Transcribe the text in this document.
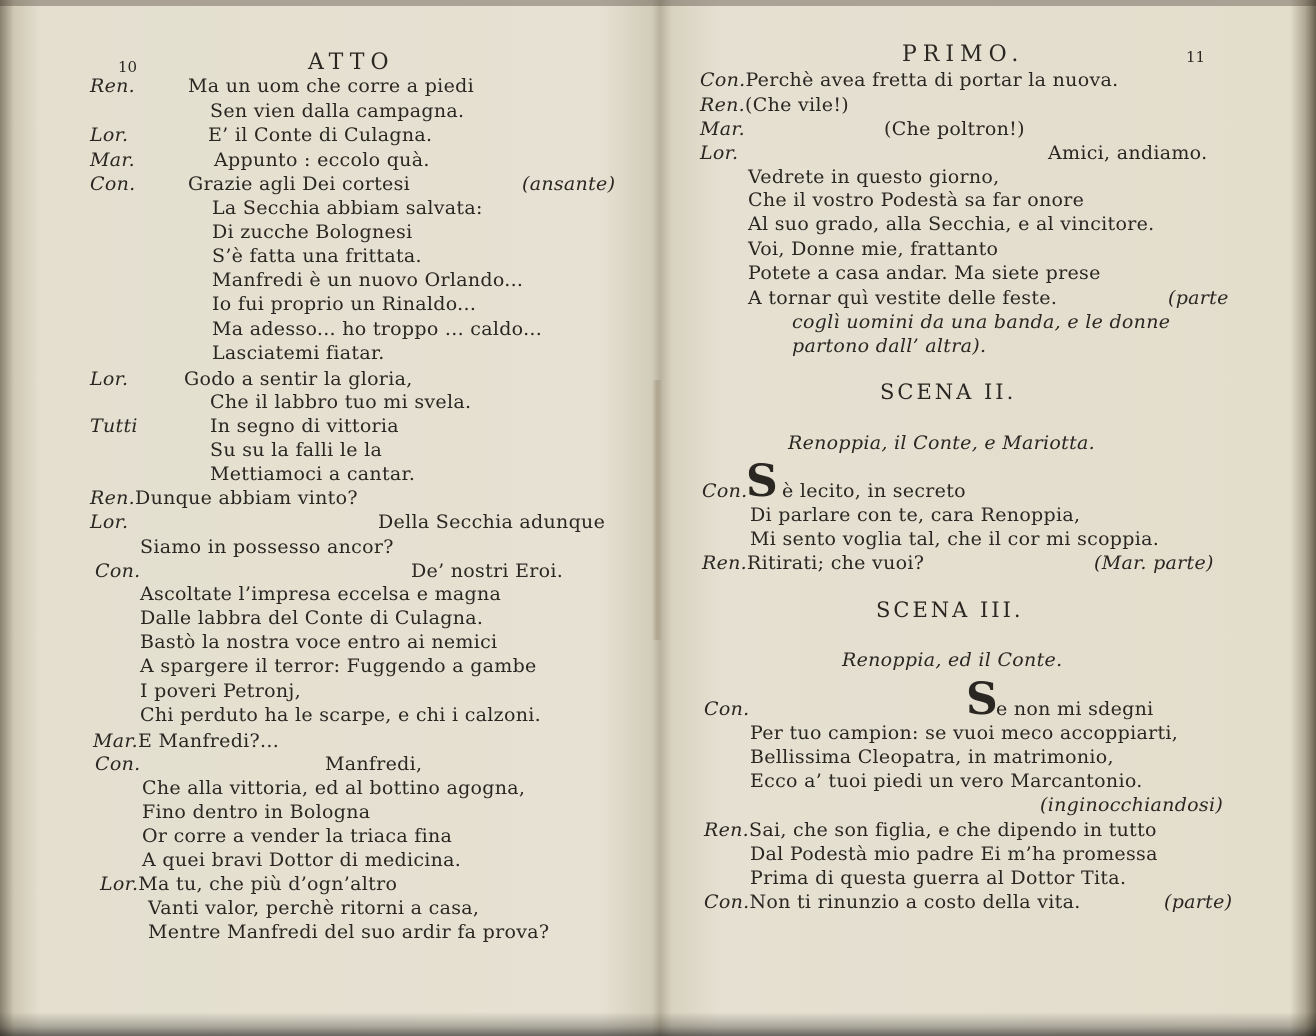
10	ATTO
Ren.	Ma un uom che corre a piedi
Sen vien dalla campagna.
Lor.	E’ il Conte di Culagna.
Mar.	Appunto : eccolo quà.
Con.	Grazie agli Dei cortesi	(ansante)
La Secchia abbiam salvata:
Di zucche Bolognesi
S’è fatta una frittata.
Manfredi è un nuovo Orlando...
Io fui proprio un Rinaldo...
Ma adesso... ho troppo ... caldo...
Lasciatemi fiatar.
Lor.	Godo a sentir la gloria,
Che il labbro tuo mi svela.
Tutti	In segno di vittoria
Su su la falli le la
Mettiamoci a cantar.
Ren.Dunque abbiam vinto?
Lor.	Della Secchia adunque
Siamo in possesso ancor?
Con.	De’ nostri Eroi.
Ascoltate l’impresa eccelsa e magna
Dalle labbra del Conte di Culagna.
Bastò la nostra voce entro ai nemici
A spargere il terror: Fuggendo a gambe
I poveri Petronj,
Chi perduto ha le scarpe, e chi i calzoni.
Mar.E Manfredi?...
Con.	Manfredi,
Che alla vittoria, ed al bottino agogna,
Fino dentro in Bologna
Or corre a vender la triaca fina
A quei bravi Dottor di medicina.
Lor.Ma tu, che più d’ogn’altro
Vanti valor, perchè ritorni a casa,
Mentre Manfredi del suo ardir fa prova?
PRIMO.	11
Con.Perchè avea fretta di portar la nuova.
Ren.(Che vile!)
Mar.	(Che poltron!)
Lor.	Amici, andiamo.
Vedrete in questo giorno,
Che il vostro Podestà sa far onore
Al suo grado, alla Secchia, e al vincitore.
Voi, Donne mie, frattanto
Potete a casa andar. Ma siete prese
A tornar quì vestite delle feste.	(parte
coglì uomini da una banda, e le donne
partono dall’ altra).
SCENA II.
Renoppia, il Conte, e Mariotta.
S
Con. è lecito, in secreto
Di parlare con te, cara Renoppia,
Mi sento voglia tal, che il cor mi scoppia.
Ren.Ritirati; che vuoi?	(Mar. parte)
SCENA III.
Renoppia, ed il Conte.
S
Con.	e non mi sdegni
Per tuo campion: se vuoi meco accoppiarti,
Bellissima Cleopatra, in matrimonio,
Ecco a’ tuoi piedi un vero Marcantonio.
(inginocchiandosi)
Ren.Sai, che son figlia, e che dipendo in tutto
Dal Podestà mio padre Ei m’ha promessa
Prima di questa guerra al Dottor Tita.
Con.Non ti rinunzio a costo della vita.	(parte)
